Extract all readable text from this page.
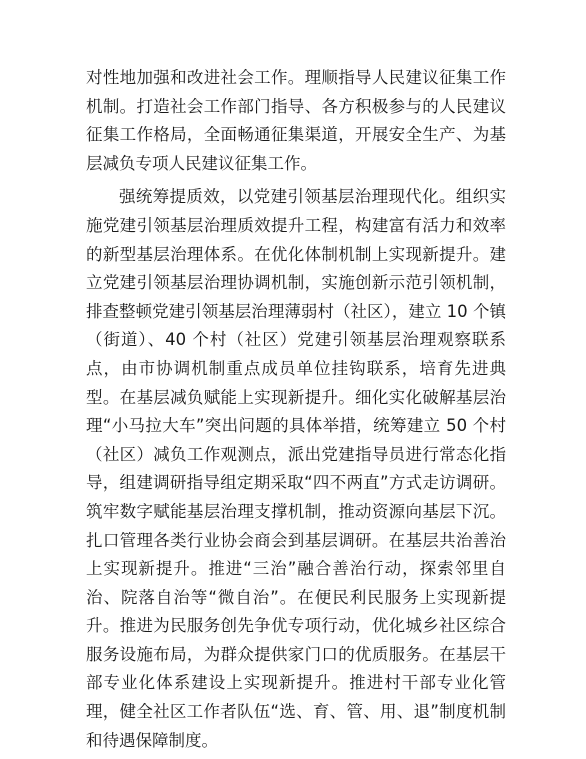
对性地加强和改进社会工作。理顺指导人民建议征集工作机制。打造社会工作部门指导、各方积极参与的人民建议征集工作格局，全面畅通征集渠道，开展安全生产、为基层减负专项人民建议征集工作。

强统筹提质效，以党建引领基层治理现代化。组织实施党建引领基层治理质效提升工程，构建富有活力和效率的新型基层治理体系。在优化体制机制上实现新提升。建立党建引领基层治理协调机制，实施创新示范引领机制，排查整顿党建引领基层治理薄弱村（社区），建立 10 个镇（街道）、40 个村（社区）党建引领基层治理观察联系点，由市协调机制重点成员单位挂钩联系，培育先进典型。在基层减负赋能上实现新提升。细化实化破解基层治理“小马拉大车”突出问题的具体举措，统筹建立 50 个村（社区）减负工作观测点，派出党建指导员进行常态化指导，组建调研指导组定期采取“四不两直”方式走访调研。筑牢数字赋能基层治理支撑机制，推动资源向基层下沉。扎口管理各类行业协会商会到基层调研。在基层共治善治上实现新提升。推进“三治”融合善治行动，探索邻里自治、院落自治等“微自治”。在便民利民服务上实现新提升。推进为民服务创先争优专项行动，优化城乡社区综合服务设施布局，为群众提供家门口的优质服务。在基层干部专业化体系建设上实现新提升。推进村干部专业化管理，健全社区工作者队伍“选、育、管、用、退”制度机制和待遇保障制度。
